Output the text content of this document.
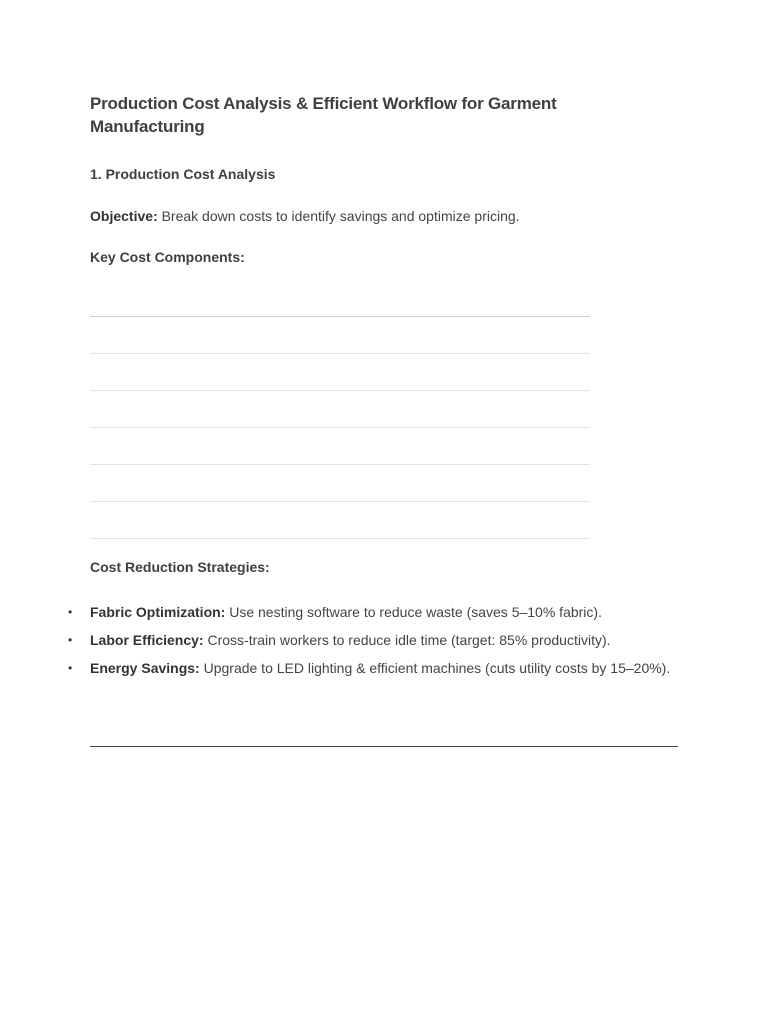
Production Cost Analysis & Efficient Workflow for Garment Manufacturing
1. Production Cost Analysis
Objective: Break down costs to identify savings and optimize pricing.
Key Cost Components:
Cost Reduction Strategies:
• Fabric Optimization: Use nesting software to reduce waste (saves 5–10% fabric).
• Labor Efficiency: Cross-train workers to reduce idle time (target: 85% productivity).
• Energy Savings: Upgrade to LED lighting & efficient machines (cuts utility costs by 15–20%).
